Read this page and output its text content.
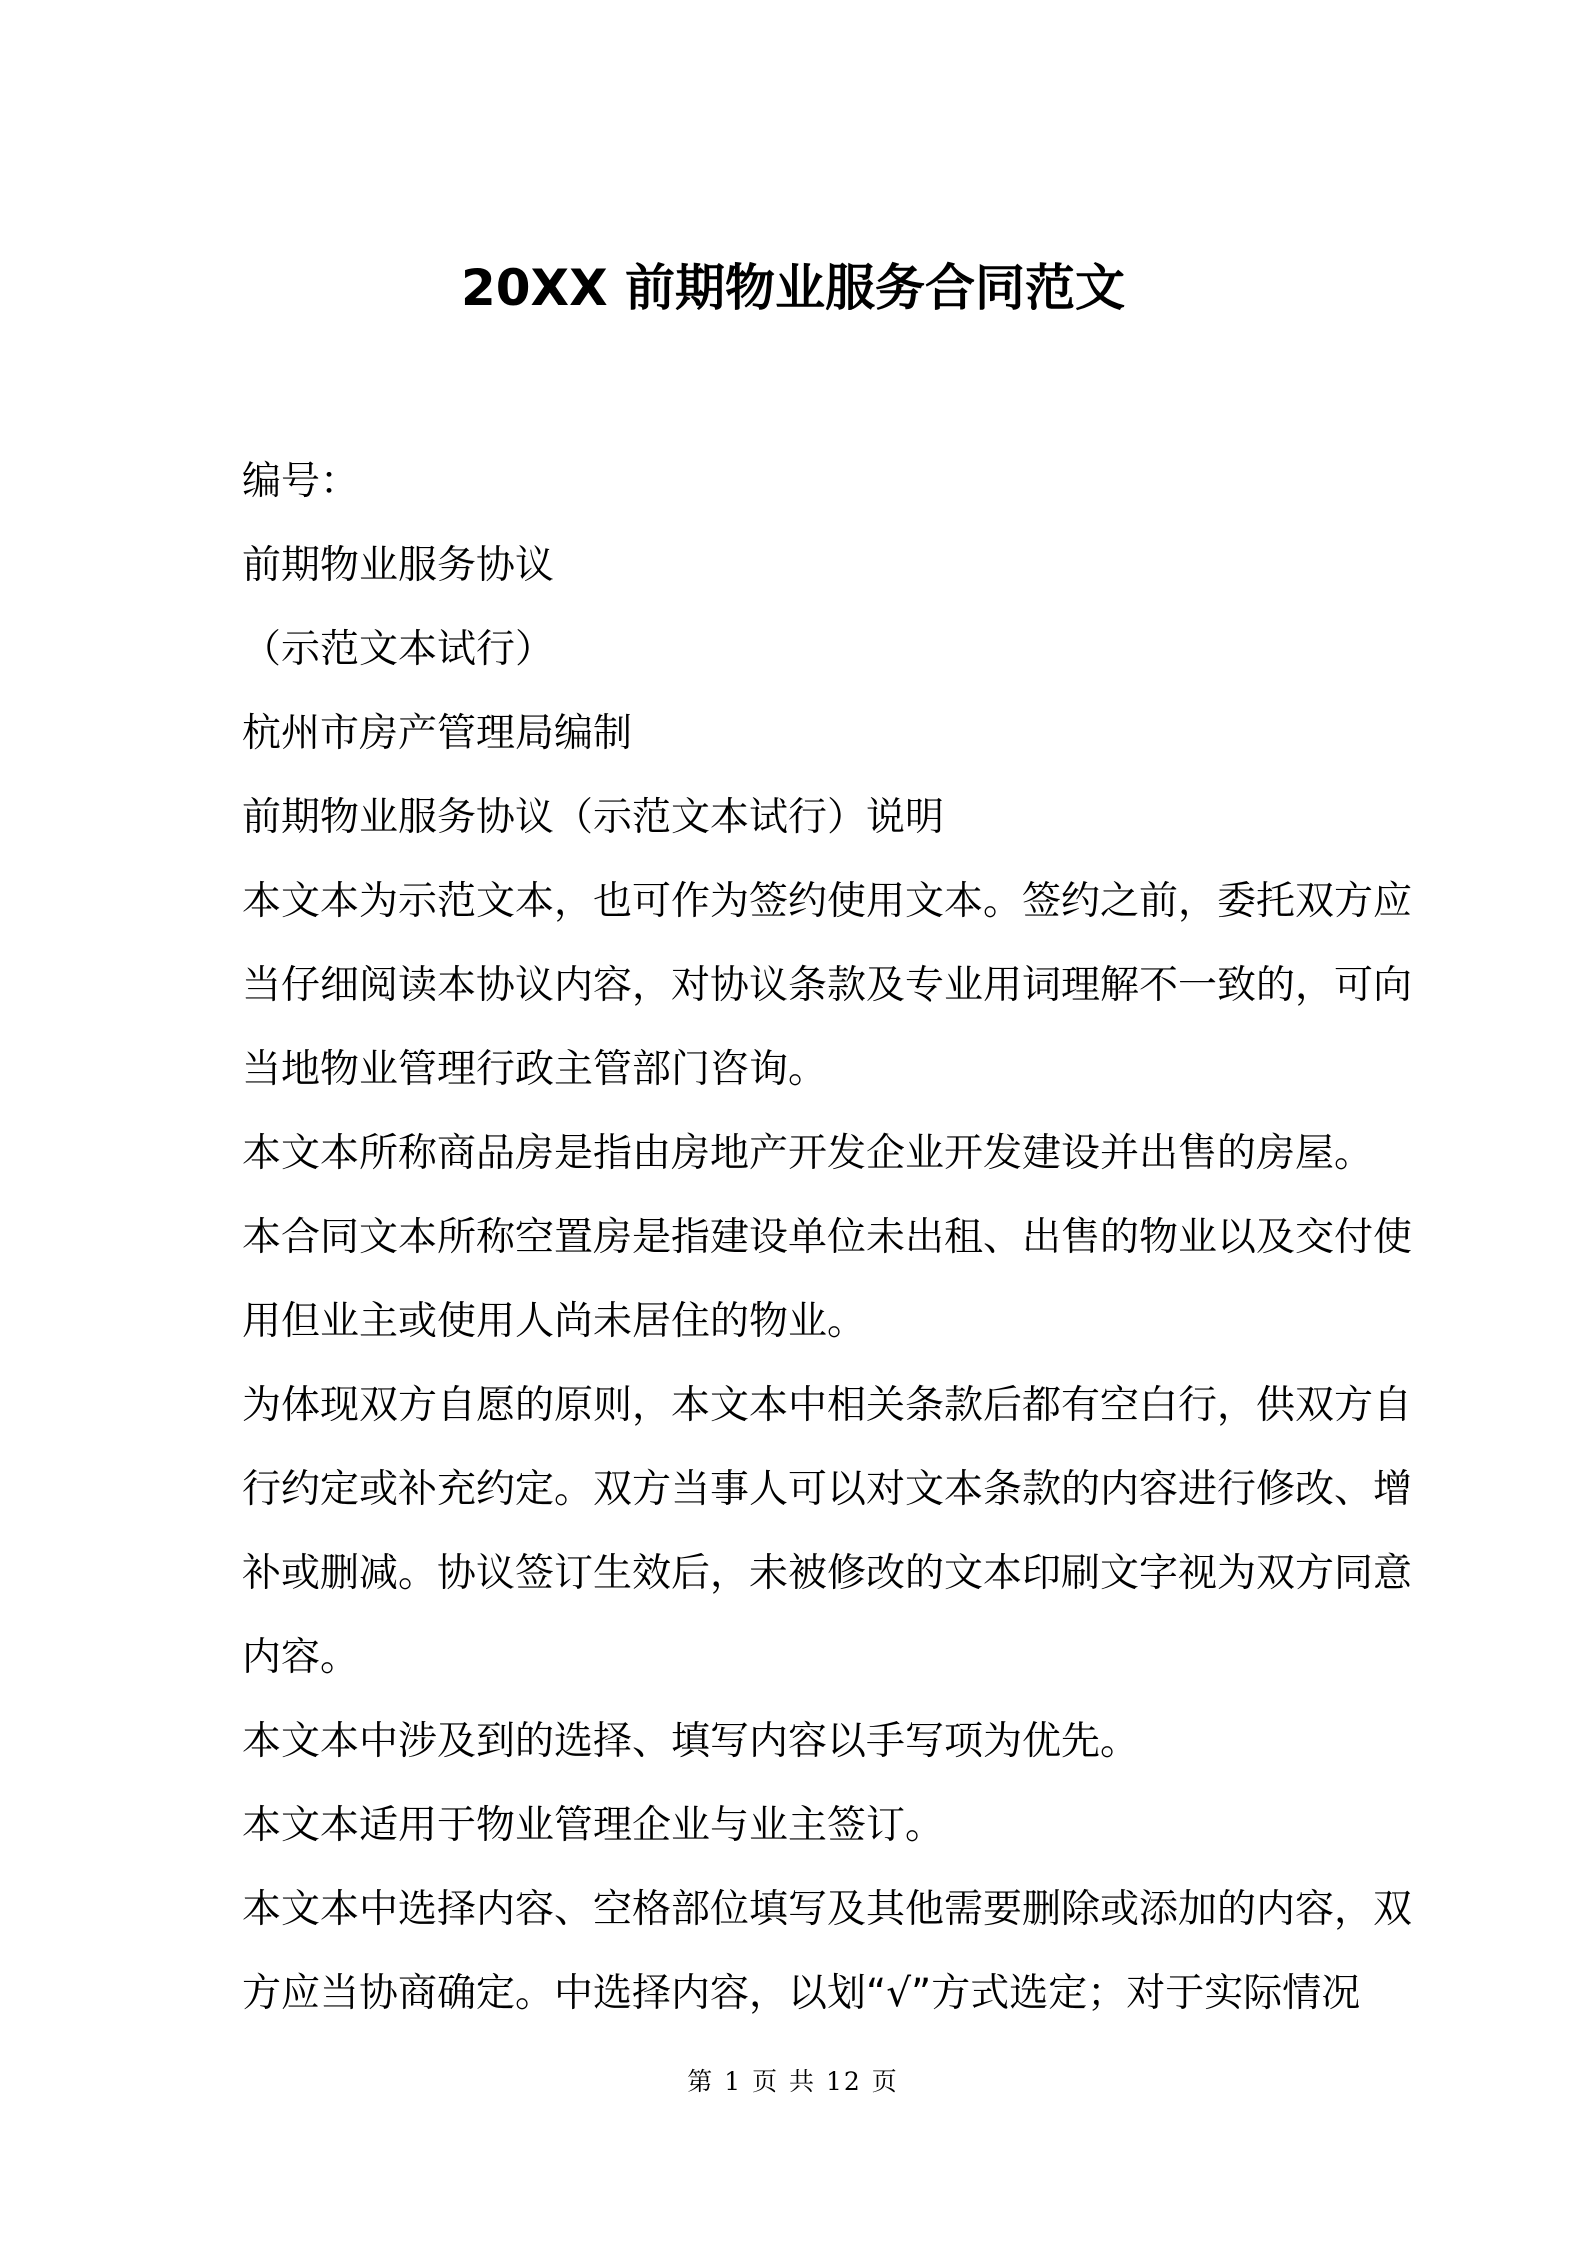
20XX 前期物业服务合同范文
编号：
前期物业服务协议
（示范文本试行）
杭州市房产管理局编制
前期物业服务协议（示范文本试行）说明
本文本为示范文本，也可作为签约使用文本。签约之前，委托双方应
当仔细阅读本协议内容，对协议条款及专业用词理解不一致的，可向
当地物业管理行政主管部门咨询。
本文本所称商品房是指由房地产开发企业开发建设并出售的房屋。
本合同文本所称空置房是指建设单位未出租、出售的物业以及交付使
用但业主或使用人尚未居住的物业。
为体现双方自愿的原则，本文本中相关条款后都有空白行，供双方自
行约定或补充约定。双方当事人可以对文本条款的内容进行修改、增
补或删减。协议签订生效后，未被修改的文本印刷文字视为双方同意
内容。
本文本中涉及到的选择、填写内容以手写项为优先。
本文本适用于物业管理企业与业主签订。
本文本中选择内容、空格部位填写及其他需要删除或添加的内容，双
方应当协商确定。中选择内容，以划“√”方式选定；对于实际情况
第 1 页 共 12 页
